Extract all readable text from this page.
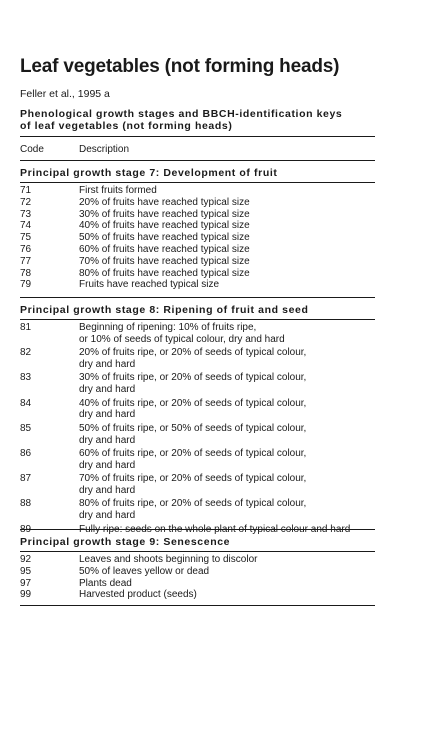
Leaf vegetables (not forming heads)
Feller et al., 1995 a
Phenological growth stages and BBCH-identification keys
of leaf vegetables (not forming heads)
Code	Description
Principal growth stage 7: Development of fruit
71	First fruits formed
72	20% of fruits have reached typical size
73	30% of fruits have reached typical size
74	40% of fruits have reached typical size
75	50% of fruits have reached typical size
76	60% of fruits have reached typical size
77	70% of fruits have reached typical size
78	80% of fruits have reached typical size
79	Fruits have reached typical size
Principal growth stage 8: Ripening of fruit and seed
81	Beginning of ripening: 10% of fruits ripe,
or 10% of seeds of typical colour, dry and hard
82	20% of fruits ripe, or 20% of seeds of typical colour,
dry and hard
83	30% of fruits ripe, or 20% of seeds of typical colour,
dry and hard
84	40% of fruits ripe, or 20% of seeds of typical colour,
dry and hard
85	50% of fruits ripe, or 50% of seeds of typical colour,
dry and hard
86	60% of fruits ripe, or 20% of seeds of typical colour,
dry and hard
87	70% of fruits ripe, or 20% of seeds of typical colour,
dry and hard
88	80% of fruits ripe, or 20% of seeds of typical colour,
dry and hard
89	Fully ripe: seeds on the whole plant of typical colour and hard
Principal growth stage 9: Senescence
92	Leaves and shoots beginning to discolor
95	50% of leaves yellow or dead
97	Plants dead
99	Harvested product (seeds)
